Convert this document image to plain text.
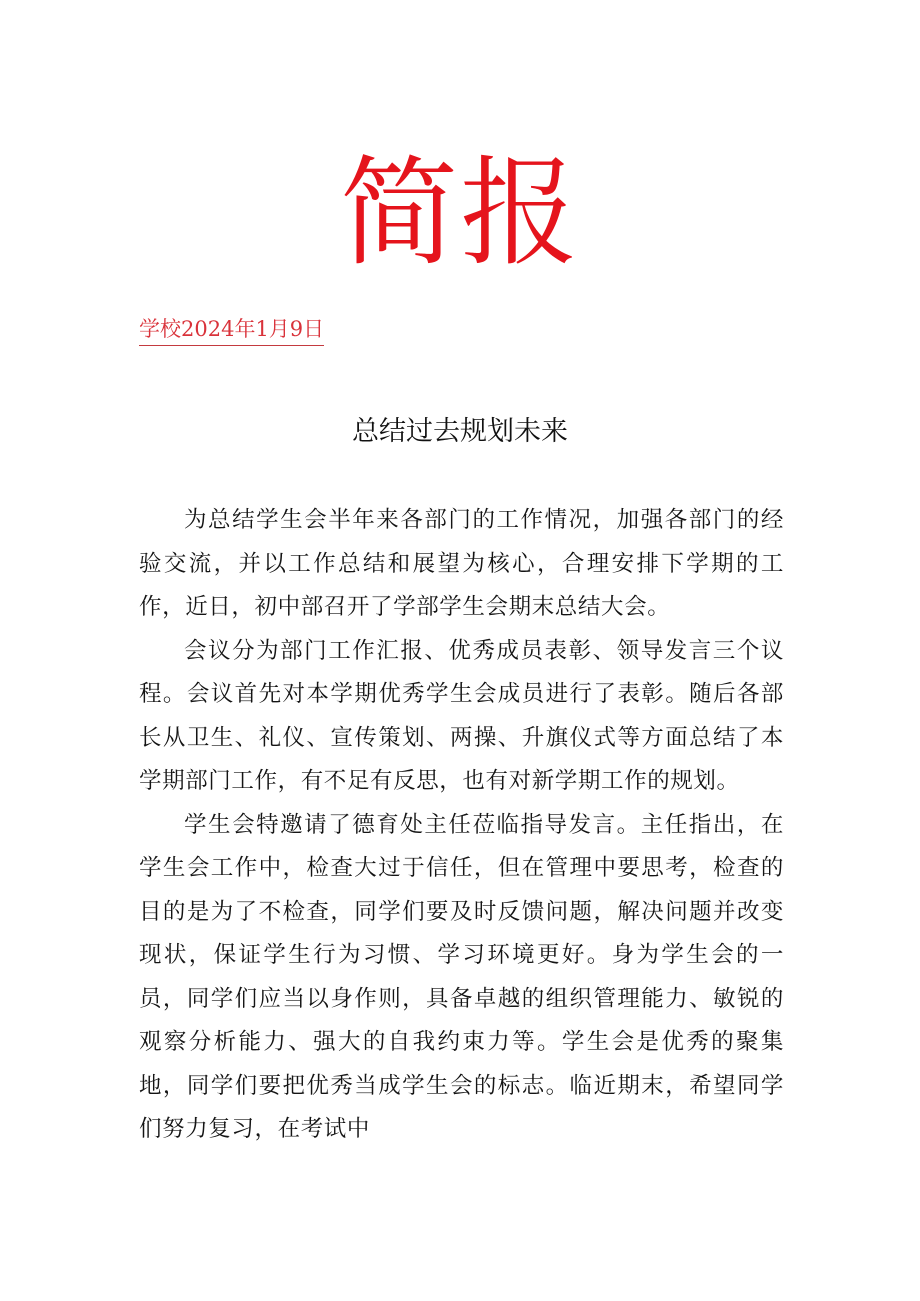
简报
学校2024年1月9日
总结过去规划未来

为总结学生会半年来各部门的工作情况，加强各部门的经验交流，并以工作总结和展望为核心，合理安排下学期的工作，近日，初中部召开了学部学生会期末总结大会。

会议分为部门工作汇报、优秀成员表彰、领导发言三个议程。会议首先对本学期优秀学生会成员进行了表彰。随后各部长从卫生、礼仪、宣传策划、两操、升旗仪式等方面总结了本学期部门工作，有不足有反思，也有对新学期工作的规划。

学生会特邀请了德育处主任莅临指导发言。主任指出，在学生会工作中，检查大过于信任，但在管理中要思考，检查的目的是为了不检查，同学们要及时反馈问题，解决问题并改变现状，保证学生行为习惯、学习环境更好。身为学生会的一员，同学们应当以身作则，具备卓越的组织管理能力、敏锐的观察分析能力、强大的自我约束力等。学生会是优秀的聚集地，同学们要把优秀当成学生会的标志。临近期末，希望同学们努力复习，在考试中
